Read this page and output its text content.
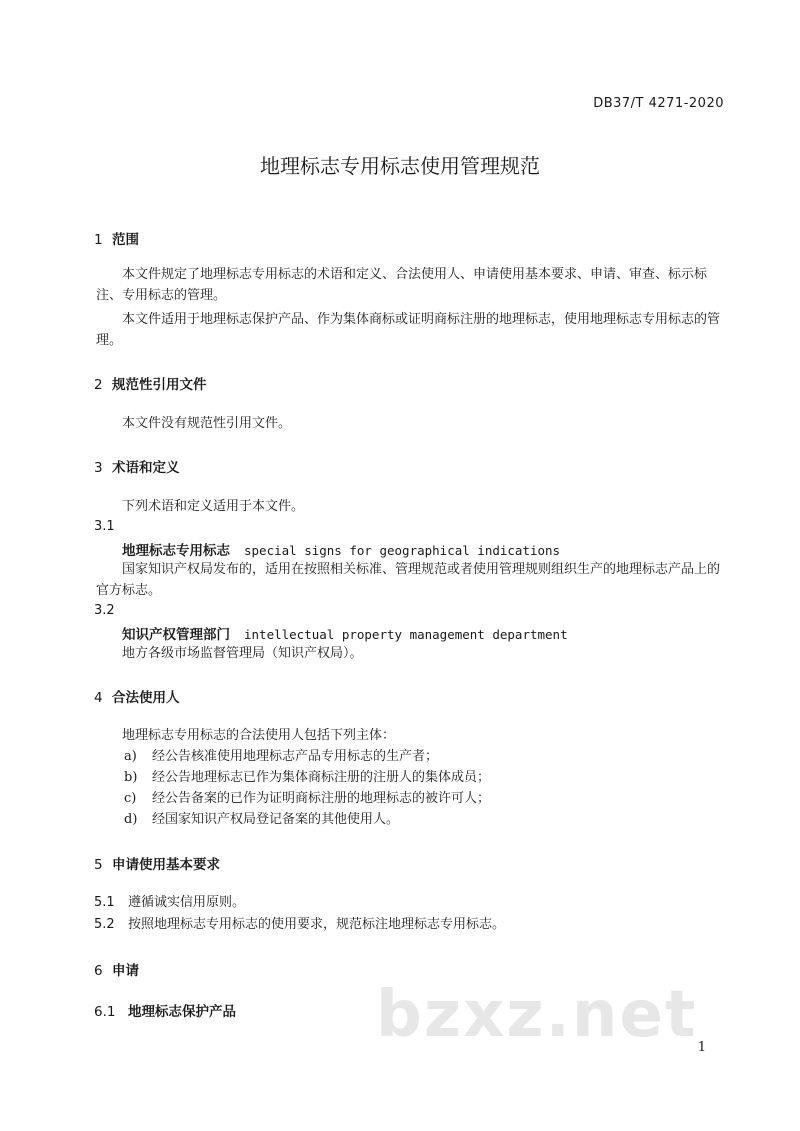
DB37/T 4271-2020
地理标志专用标志使用管理规范
1 范围
本文件规定了地理标志专用标志的术语和定义、合法使用人、申请使用基本要求、申请、审查、标示标注、专用标志的管理。
本文件适用于地理标志保护产品、作为集体商标或证明商标注册的地理标志，使用地理标志专用标志的管理。
2 规范性引用文件
本文件没有规范性引用文件。
3 术语和定义
下列术语和定义适用于本文件。
3.1
地理标志专用标志 special signs for geographical indications
国家知识产权局发布的，适用在按照相关标准、管理规范或者使用管理规则组织生产的地理标志产品上的官方标志。
3.2
知识产权管理部门 intellectual property management department
地方各级市场监督管理局（知识产权局）。
4 合法使用人
地理标志专用标志的合法使用人包括下列主体：
a) 经公告核准使用地理标志产品专用标志的生产者；
b) 经公告地理标志已作为集体商标注册的注册人的集体成员；
c) 经公告备案的已作为证明商标注册的地理标志的被许可人；
d) 经国家知识产权局登记备案的其他使用人。
5 申请使用基本要求
5.1 遵循诚实信用原则。
5.2 按照地理标志专用标志的使用要求，规范标注地理标志专用标志。
6 申请
6.1 地理标志保护产品 bzxz.net 1
